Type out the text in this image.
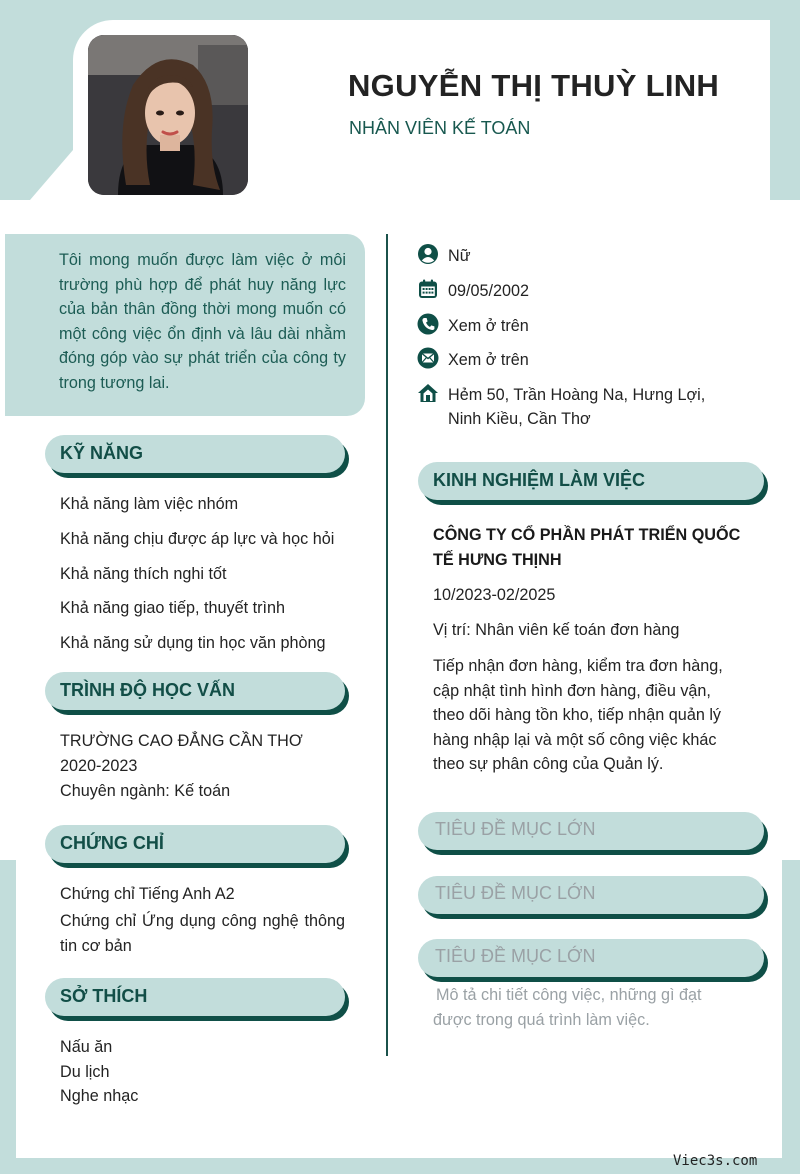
NGUYỄN THỊ THUỲ LINH
NHÂN VIÊN KẾ TOÁN

Tôi mong muốn được làm việc ở môi trường phù hợp để phát huy năng lực của bản thân đồng thời mong muốn có một công việc ổn định và lâu dài nhằm đóng góp vào sự phát triển của công ty trong tương lai.

Nữ
09/05/2002
Xem ở trên
Xem ở trên
Hẻm 50, Trần Hoàng Na, Hưng Lợi,
Ninh Kiều, Cần Thơ
KỸ NĂNG
Khả năng làm việc nhóm
Khả năng chịu được áp lực và học hỏi
Khả năng thích nghi tốt
Khả năng giao tiếp, thuyết trình
Khả năng sử dụng tin học văn phòng
TRÌNH ĐỘ HỌC VẤN
TRƯỜNG CAO ĐẲNG CẦN THƠ
2020-2023
Chuyên ngành: Kế toán
CHỨNG CHỈ
Chứng chỉ Tiếng Anh A2
Chứng chỉ Ứng dụng công nghệ thông tin cơ bản
SỞ THÍCH
Nấu ăn
Du lịch
Nghe nhạc
KINH NGHIỆM LÀM VIỆC
CÔNG TY CỔ PHẦN PHÁT TRIỂN QUỐC TẾ HƯNG THỊNH
10/2023-02/2025
Vị trí: Nhân viên kế toán đơn hàng
Tiếp nhận đơn hàng, kiểm tra đơn hàng, cập nhật tình hình đơn hàng, điều vận, theo dõi hàng tồn kho, tiếp nhận quản lý hàng nhập lại và một số công việc khác theo sự phân công của Quản lý.
TIÊU ĐỀ MỤC LỚN
TIÊU ĐỀ MỤC LỚN
TIÊU ĐỀ MỤC LỚN
Mô tả chi tiết công việc, những gì đạt được trong quá trình làm việc.
Viec3s.com
